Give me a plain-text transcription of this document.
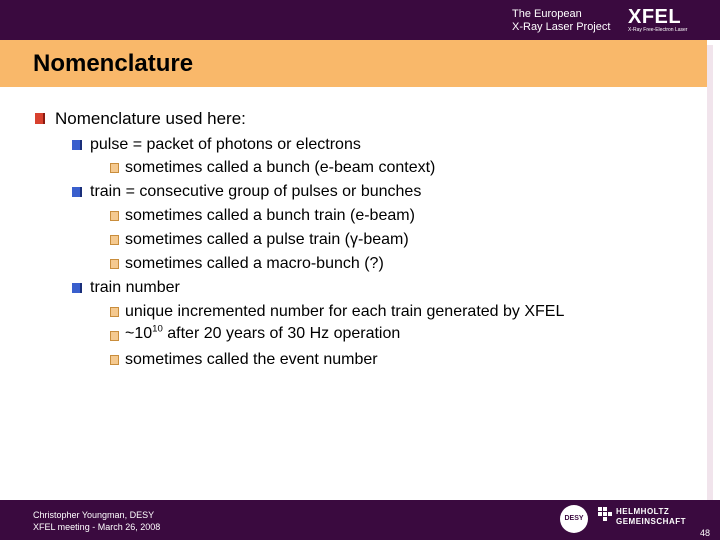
The European
X-Ray Laser Project XFEL
X-Ray Free-Electron Laser
Nomenclature
Nomenclature used here:
pulse = packet of photons or electrons
sometimes called a bunch (e-beam context)
train = consecutive group of pulses or bunches
sometimes called a bunch train (e-beam)
sometimes called a pulse train (γ-beam)
sometimes called a macro-bunch (?)
train number
unique incremented number for each train generated by XFEL
$\sim 10^{10}$ after 20 years of 30 Hz operation
sometimes called the event number
Christopher Youngman, DESY
XFEL meeting - March 26, 2008
DESY
HELMHOLTZ
GEMEINSCHAFT
48
